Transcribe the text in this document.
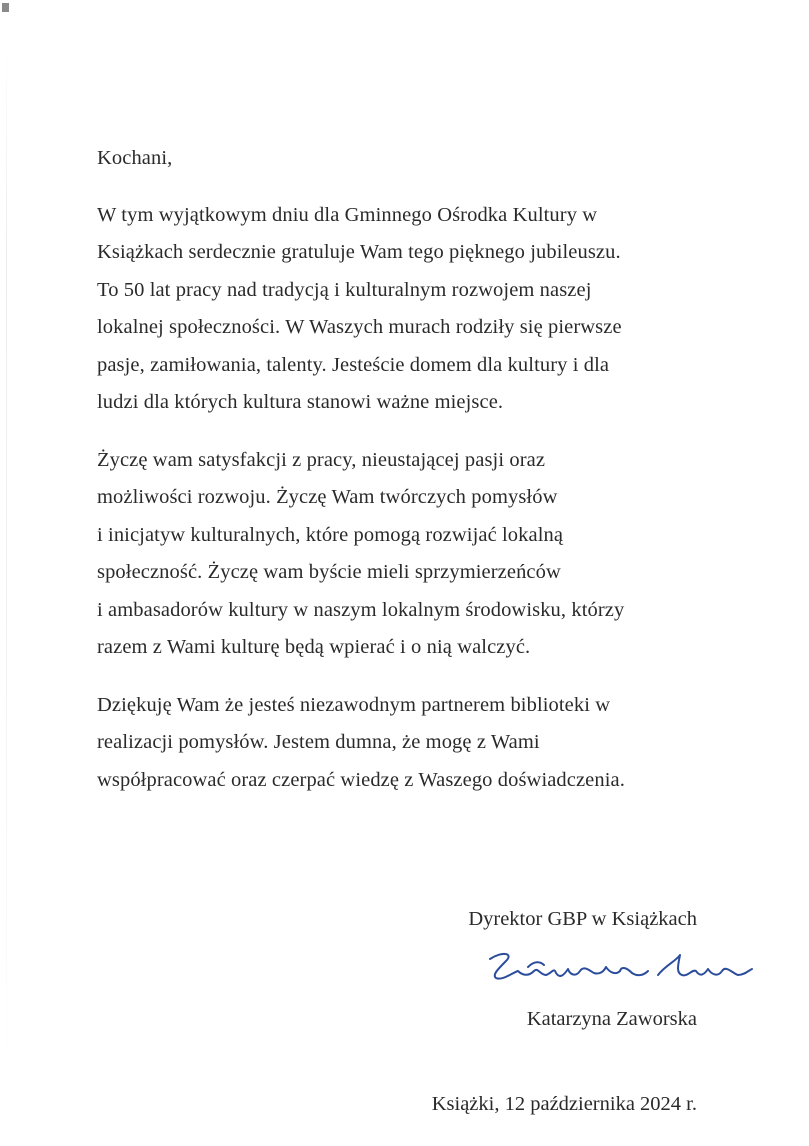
Kochani,

W tym wyjątkowym dniu dla Gminnego Ośrodka Kultury w
Książkach serdecznie gratuluje Wam tego pięknego jubileuszu.
To 50 lat pracy nad tradycją i kulturalnym rozwojem naszej
lokalnej społeczności. W Waszych murach rodziły się pierwsze
pasje, zamiłowania, talenty. Jesteście domem dla kultury i dla
ludzi dla których kultura stanowi ważne miejsce.

Życzę wam satysfakcji z pracy, nieustającej pasji oraz
możliwości rozwoju. Życzę Wam twórczych pomysłów
i inicjatyw kulturalnych, które pomogą rozwijać lokalną
społeczność. Życzę wam byście mieli sprzymierzeńców
i ambasadorów kultury w naszym lokalnym środowisku, którzy
razem z Wami kulturę będą wpierać i o nią walczyć.

Dziękuję Wam że jesteś niezawodnym partnerem biblioteki w
realizacji pomysłów. Jestem dumna, że mogę z Wami
współpracować oraz czerpać wiedzę z Waszego doświadczenia.

Dyrektor GBP w Książkach
Katarzyna Zaworska
Książki, 12 października 2024 r.
